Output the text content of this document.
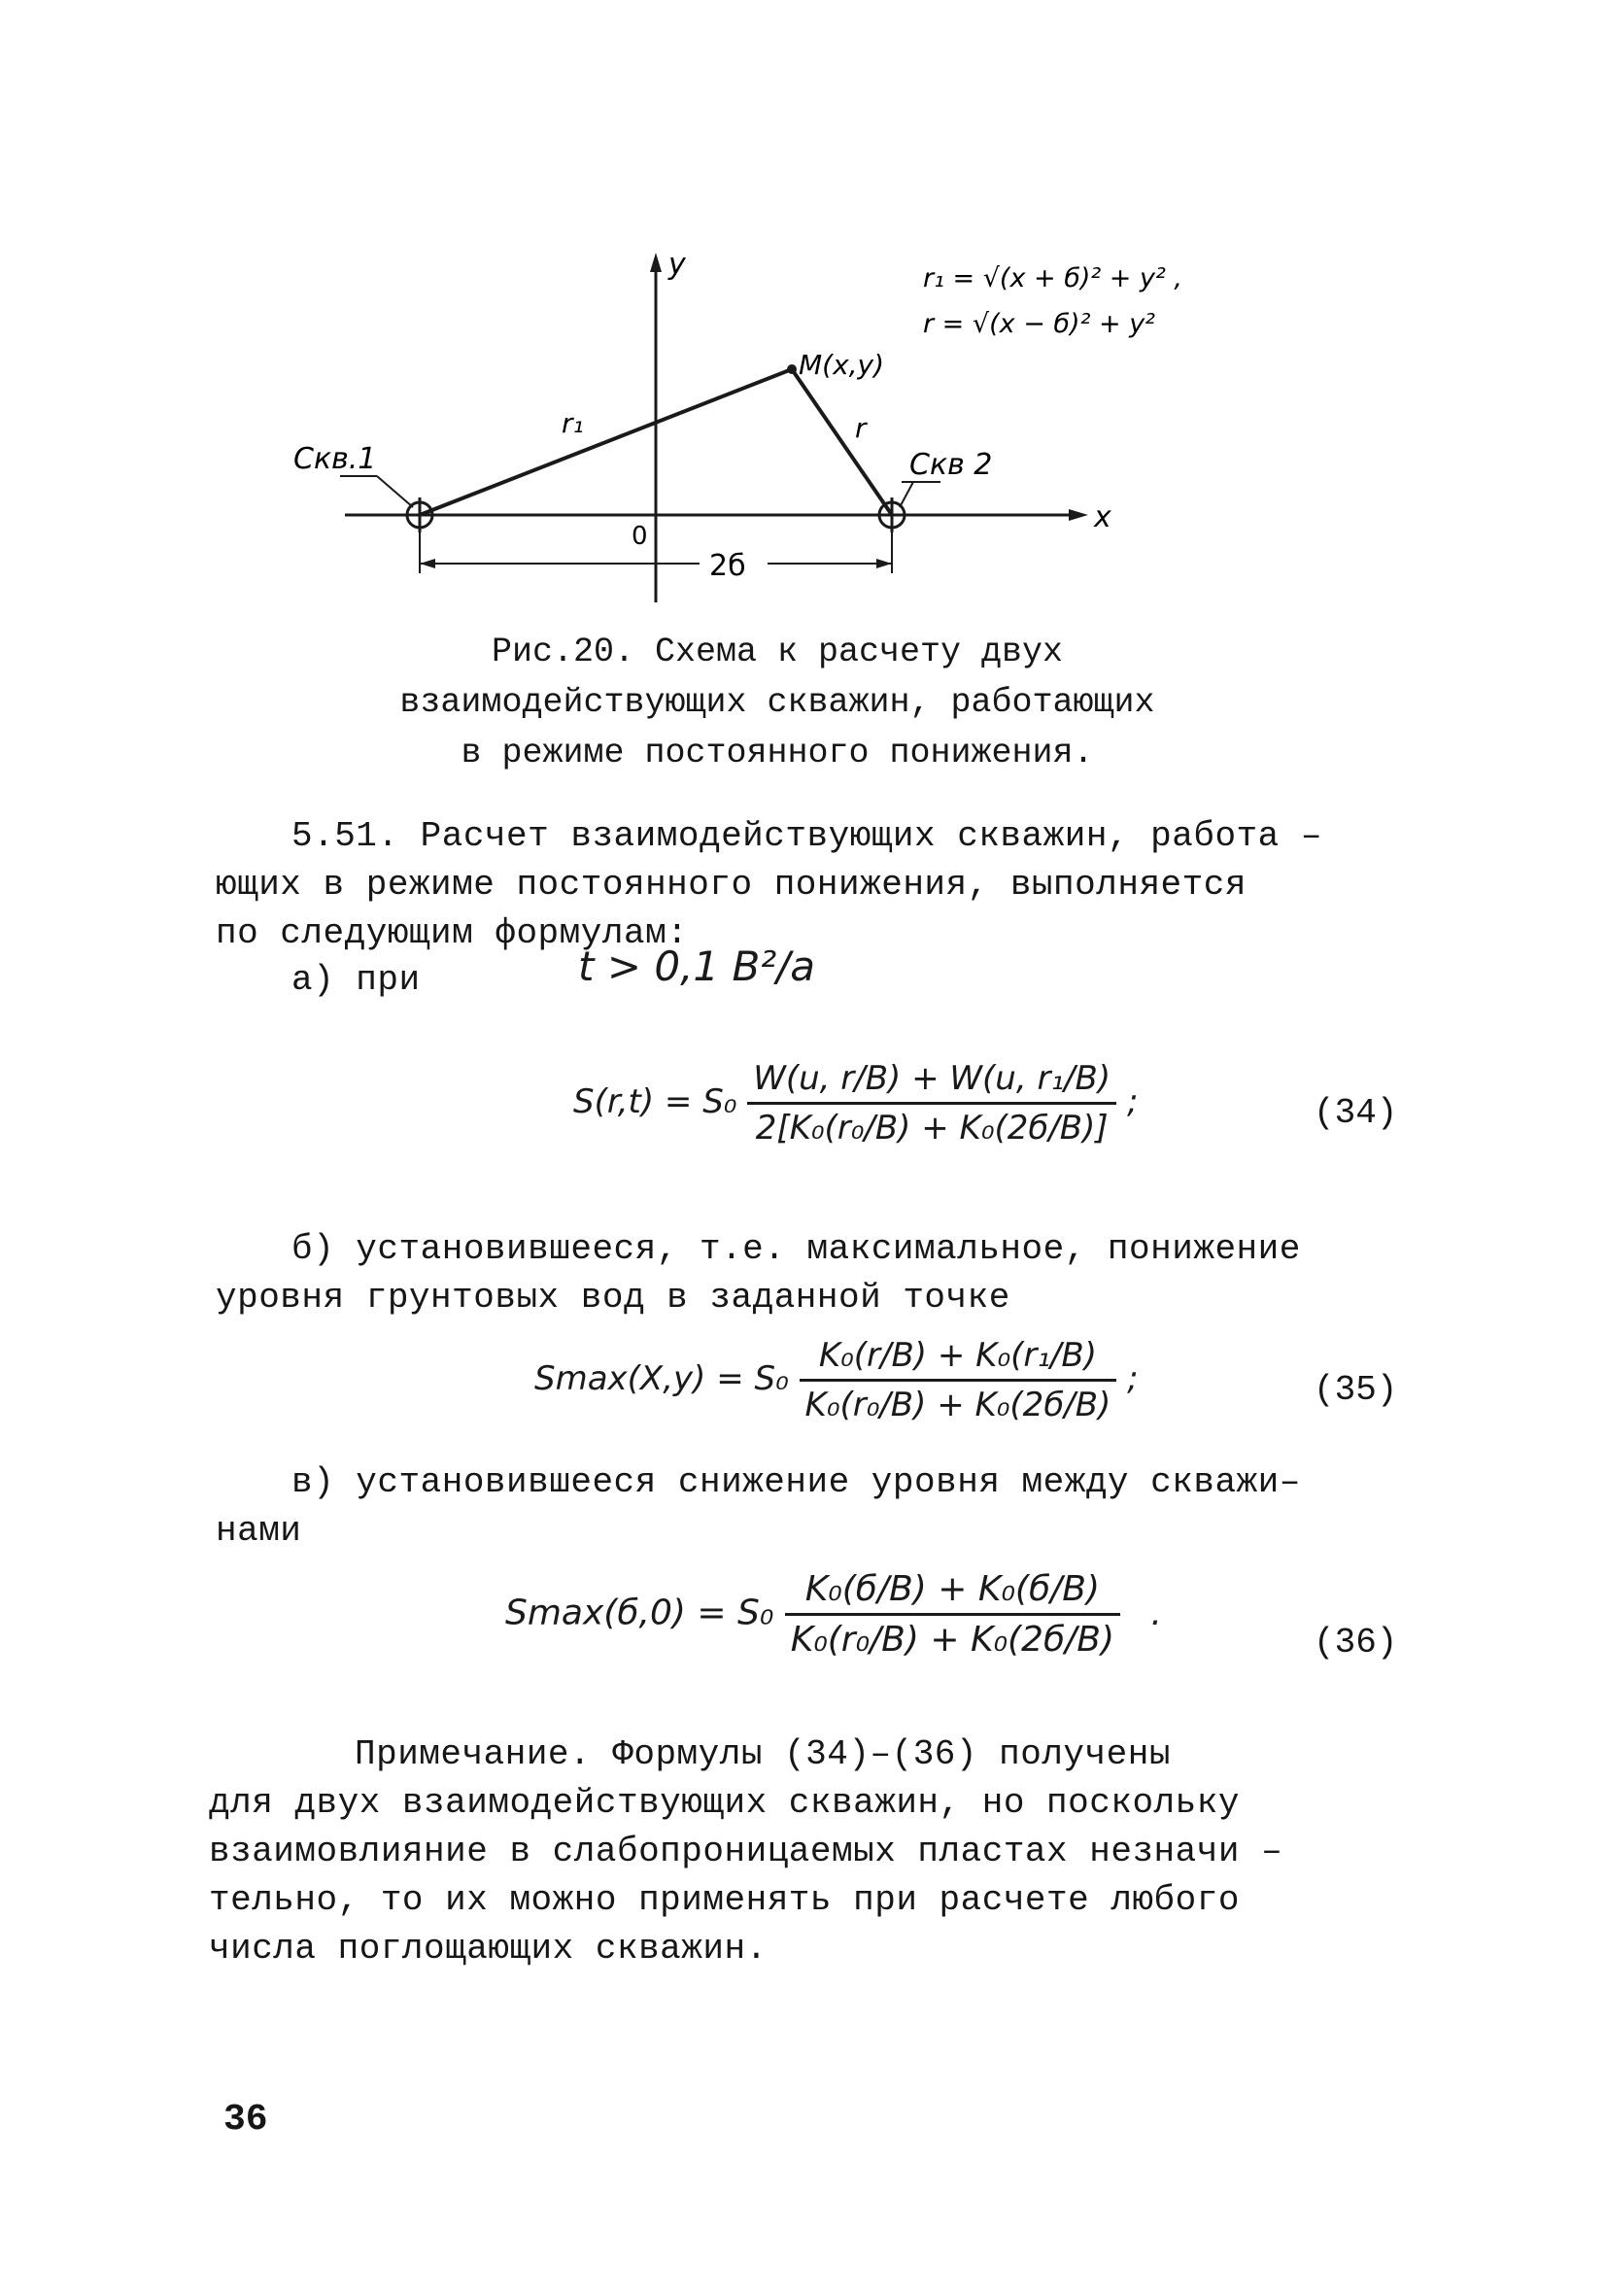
y
x
0
M(x,y)
r₁	r
Скв.1	Скв 2
2б
r₁ = √(x + б)² + y² ,
r = √(x − б)² + y²
Рис.20. Схема к расчету двух
взаимодействующих скважин, работающих
в режиме постоянного понижения.
5.51. Расчет взаимодействующих скважин, работа –
ющих в режиме постоянного понижения, выполняется
по следующим формулам:
а) при	t > 0,1 B²/a
$S(r,t) = S_0 \frac{\text{W(u, r/B) + W(u, r₁/B)}}{\text{2[K₀(r₀/B) + K₀(2б/B)]}}$ ;	(34)
б) установившееся, т.е. максимальное, понижение
уровня грунтовых вод в заданной точке
$Smax(X,y) = S_0 \frac{\text{K₀(r/B) + K₀(r₁/B)}}{\text{K₀(r₀/B) + K₀(2б/B)}}$ ;	(35)
в) установившееся снижение уровня между скважи–
нами
$Smax(б,0) = S_0 \frac{\text{K₀(б/B) + K₀(б/B)}}{\text{K₀(r₀/B) + K₀(2б/B)}}$ .
(36)
Примечание. Формулы (34)–(36) получены
для двух взаимодействующих скважин, но поскольку
взаимовлияние в слабопроницаемых пластах незначи –
тельно, то их можно применять при расчете любого
числа поглощающих скважин.
36
